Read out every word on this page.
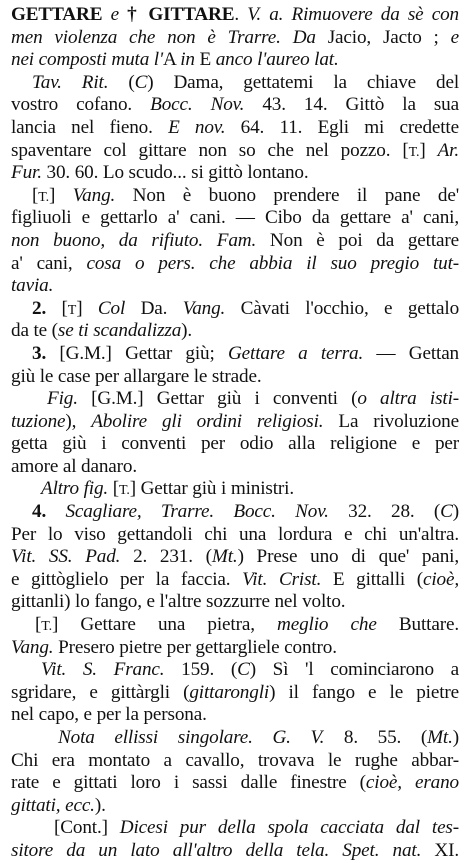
GETTARE e † GITTARE. V. a. Rimuovere da sè con
men violenza che non è Trarre. Da Jacio, Jacto ; e
nei composti muta l'A in E anco l'aureo lat.
Tav. Rit. (C) Dama, gettatemi la chiave del
vostro cofano. Bocc. Nov. 43. 14. Gittò la sua
lancia nel fieno. E nov. 64. 11. Egli mi credette
spaventare col gittare non so che nel pozzo. [T.] Ar.
Fur. 30. 60. Lo scudo... si gittò lontano.
[T.] Vang. Non è buono prendere il pane de'
figliuoli e gettarlo a' cani. — Cibo da gettare a' cani,
non buono, da rifiuto. Fam. Non è poi da gettare
a' cani, cosa o pers. che abbia il suo pregio tut-
tavia.
2. [T] Col Da. Vang. Càvati l'occhio, e gettalo
da te (se ti scandalizza).
3. [G.M.] Gettar giù; Gettare a terra. — Gettan
giù le case per allargare le strade.
Fig. [G.M.] Gettar giù i conventi (o altra isti-
tuzione), Abolire gli ordini religiosi. La rivoluzione
getta giù i conventi per odio alla religione e per
amore al danaro.
Altro fig. [T.] Gettar giù i ministri.
4. Scagliare, Trarre. Bocc. Nov. 32. 28. (C)
Per lo viso gettandoli chi una lordura e chi un'altra.
Vit. SS. Pad. 2. 231. (Mt.) Prese uno di que' pani,
e gittòglielo per la faccia. Vit. Crist. E gittalli (cioè,
gittanli) lo fango, e l'altre sozzurre nel volto.
[T.] Gettare una pietra, meglio che Buttare.
Vang. Presero pietre per gettargliele contro.
Vit. S. Franc. 159. (C) Sì 'l cominciarono a
sgridare, e gittàrgli (gittarongli) il fango e le pietre
nel capo, e per la persona.
Nota ellissi singolare. G. V. 8. 55. (Mt.)
Chi era montato a cavallo, trovava le rughe abbar-
rate e gittati loro i sassi dalle finestre (cioè, erano
gittati, ecc.).
[Cont.] Dicesi pur della spola cacciata dal tes-
sitore da un lato all'altro della tela. Spet. nat. XI.
